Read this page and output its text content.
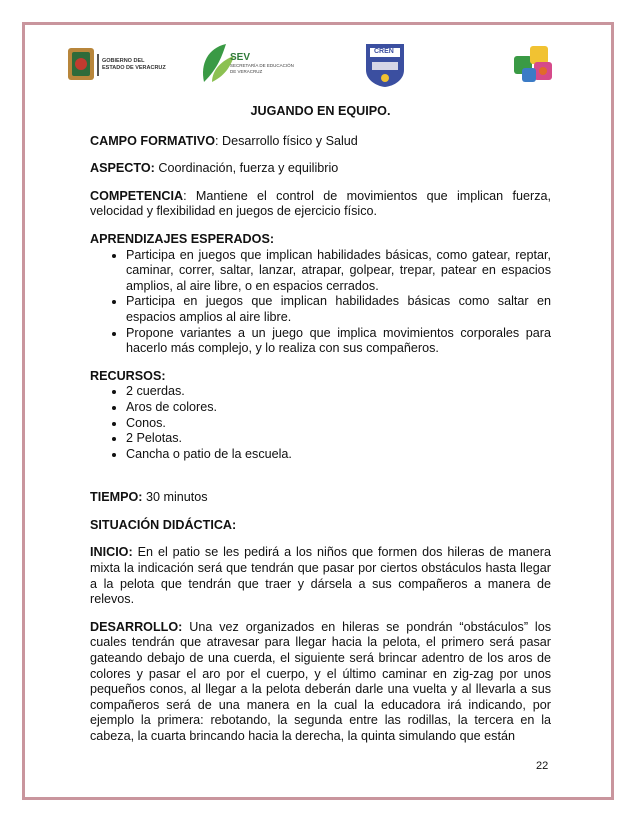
GOBIERNO DEL
ESTADO DE VERACRUZ
SEV
SECRETARÍA DE EDUCACIÓN
DE VERACRUZ
CREN
JUGANDO EN EQUIPO.

CAMPO FORMATIVO: Desarrollo físico y Salud

ASPECTO: Coordinación, fuerza y equilibrio

COMPETENCIA: Mantiene el control de movimientos que implican fuerza, velocidad y flexibilidad en juegos de ejercicio físico.

APRENDIZAJES ESPERADOS:
• Participa en juegos que implican habilidades básicas, como gatear, reptar, caminar, correr, saltar, lanzar, atrapar, golpear, trepar, patear en espacios amplios, al aire libre, o en espacios cerrados.
• Participa en juegos que implican habilidades básicas como saltar en espacios amplios al aire libre.
• Propone variantes a un juego que implica movimientos corporales para hacerlo más complejo, y lo realiza con sus compañeros.
RECURSOS:
• 2 cuerdas.
• Aros de colores.
• Conos.
• 2 Pelotas.
• Cancha o patio de la escuela.

TIEMPO: 30 minutos

SITUACIÓN DIDÁCTICA:

INICIO: En el patio se les pedirá a los niños que formen dos hileras de manera mixta la indicación será que tendrán que pasar por ciertos obstáculos hasta llegar a la pelota que tendrán que traer y dársela a sus compañeros a manera de relevos.

DESARROLLO: Una vez organizados en hileras se pondrán “obstáculos” los cuales tendrán que atravesar para llegar hacia la pelota, el primero será pasar gateando debajo de una cuerda, el siguiente será brincar adentro de los aros de colores y pasar el aro por el cuerpo, y el último caminar en zig-zag por unos pequeños conos, al llegar a la pelota deberán darle una vuelta y al llevarla a sus compañeros será de una manera en la cual la educadora irá indicando, por ejemplo la primera: rebotando, la segunda entre las rodillas, la tercera en la cabeza, la cuarta brincando hacia la derecha, la quinta simulando que están

22
